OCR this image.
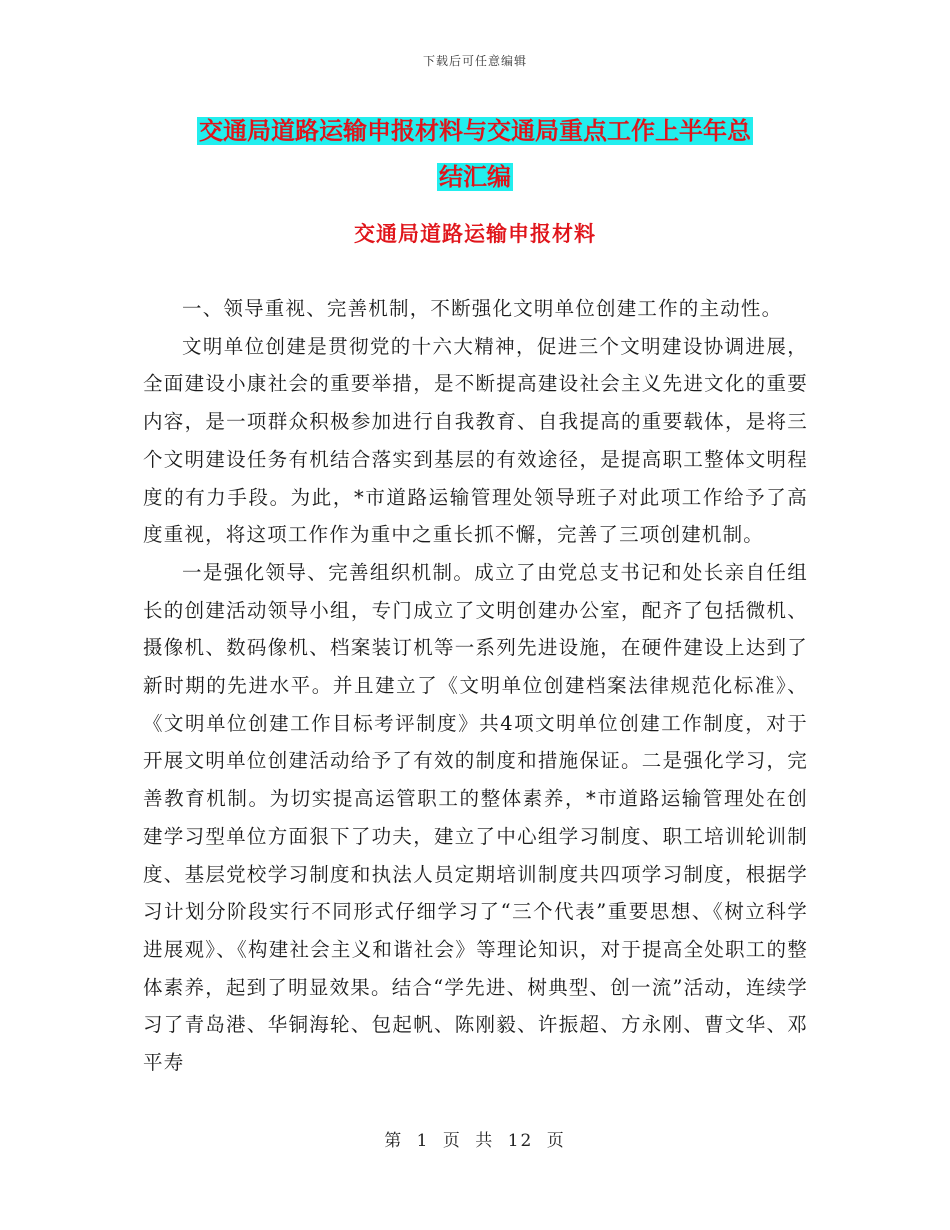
下载后可任意编辑
交通局道路运输申报材料与交通局重点工作上半年总
结汇编
交通局道路运输申报材料

一、领导重视、完善机制，不断强化文明单位创建工作的主动性。

文明单位创建是贯彻党的十六大精神，促进三个文明建设协调进展，全面建设小康社会的重要举措，是不断提高建设社会主义先进文化的重要内容，是一项群众积极参加进行自我教育、自我提高的重要载体，是将三个文明建设任务有机结合落实到基层的有效途径，是提高职工整体文明程度的有力手段。为此，*市道路运输管理处领导班子对此项工作给予了高度重视，将这项工作作为重中之重长抓不懈，完善了三项创建机制。

一是强化领导、完善组织机制。成立了由党总支书记和处长亲自任组长的创建活动领导小组，专门成立了文明创建办公室，配齐了包括微机、摄像机、数码像机、档案装订机等一系列先进设施，在硬件建设上达到了新时期的先进水平。并且建立了《文明单位创建档案法律规范化标准》、《文明单位创建工作目标考评制度》共4项文明单位创建工作制度，对于开展文明单位创建活动给予了有效的制度和措施保证。二是强化学习，完善教育机制。为切实提高运管职工的整体素养，*市道路运输管理处在创建学习型单位方面狠下了功夫，建立了中心组学习制度、职工培训轮训制度、基层党校学习制度和执法人员定期培训制度共四项学习制度，根据学习计划分阶段实行不同形式仔细学习了“三个代表”重要思想、《树立科学进展观》、《构建社会主义和谐社会》等理论知识，对于提高全处职工的整体素养，起到了明显效果。结合“学先进、树典型、创一流”活动，连续学习了青岛港、华铜海轮、包起帆、陈刚毅、许振超、方永刚、曹文华、邓平寿

第 1 页 共 12 页
